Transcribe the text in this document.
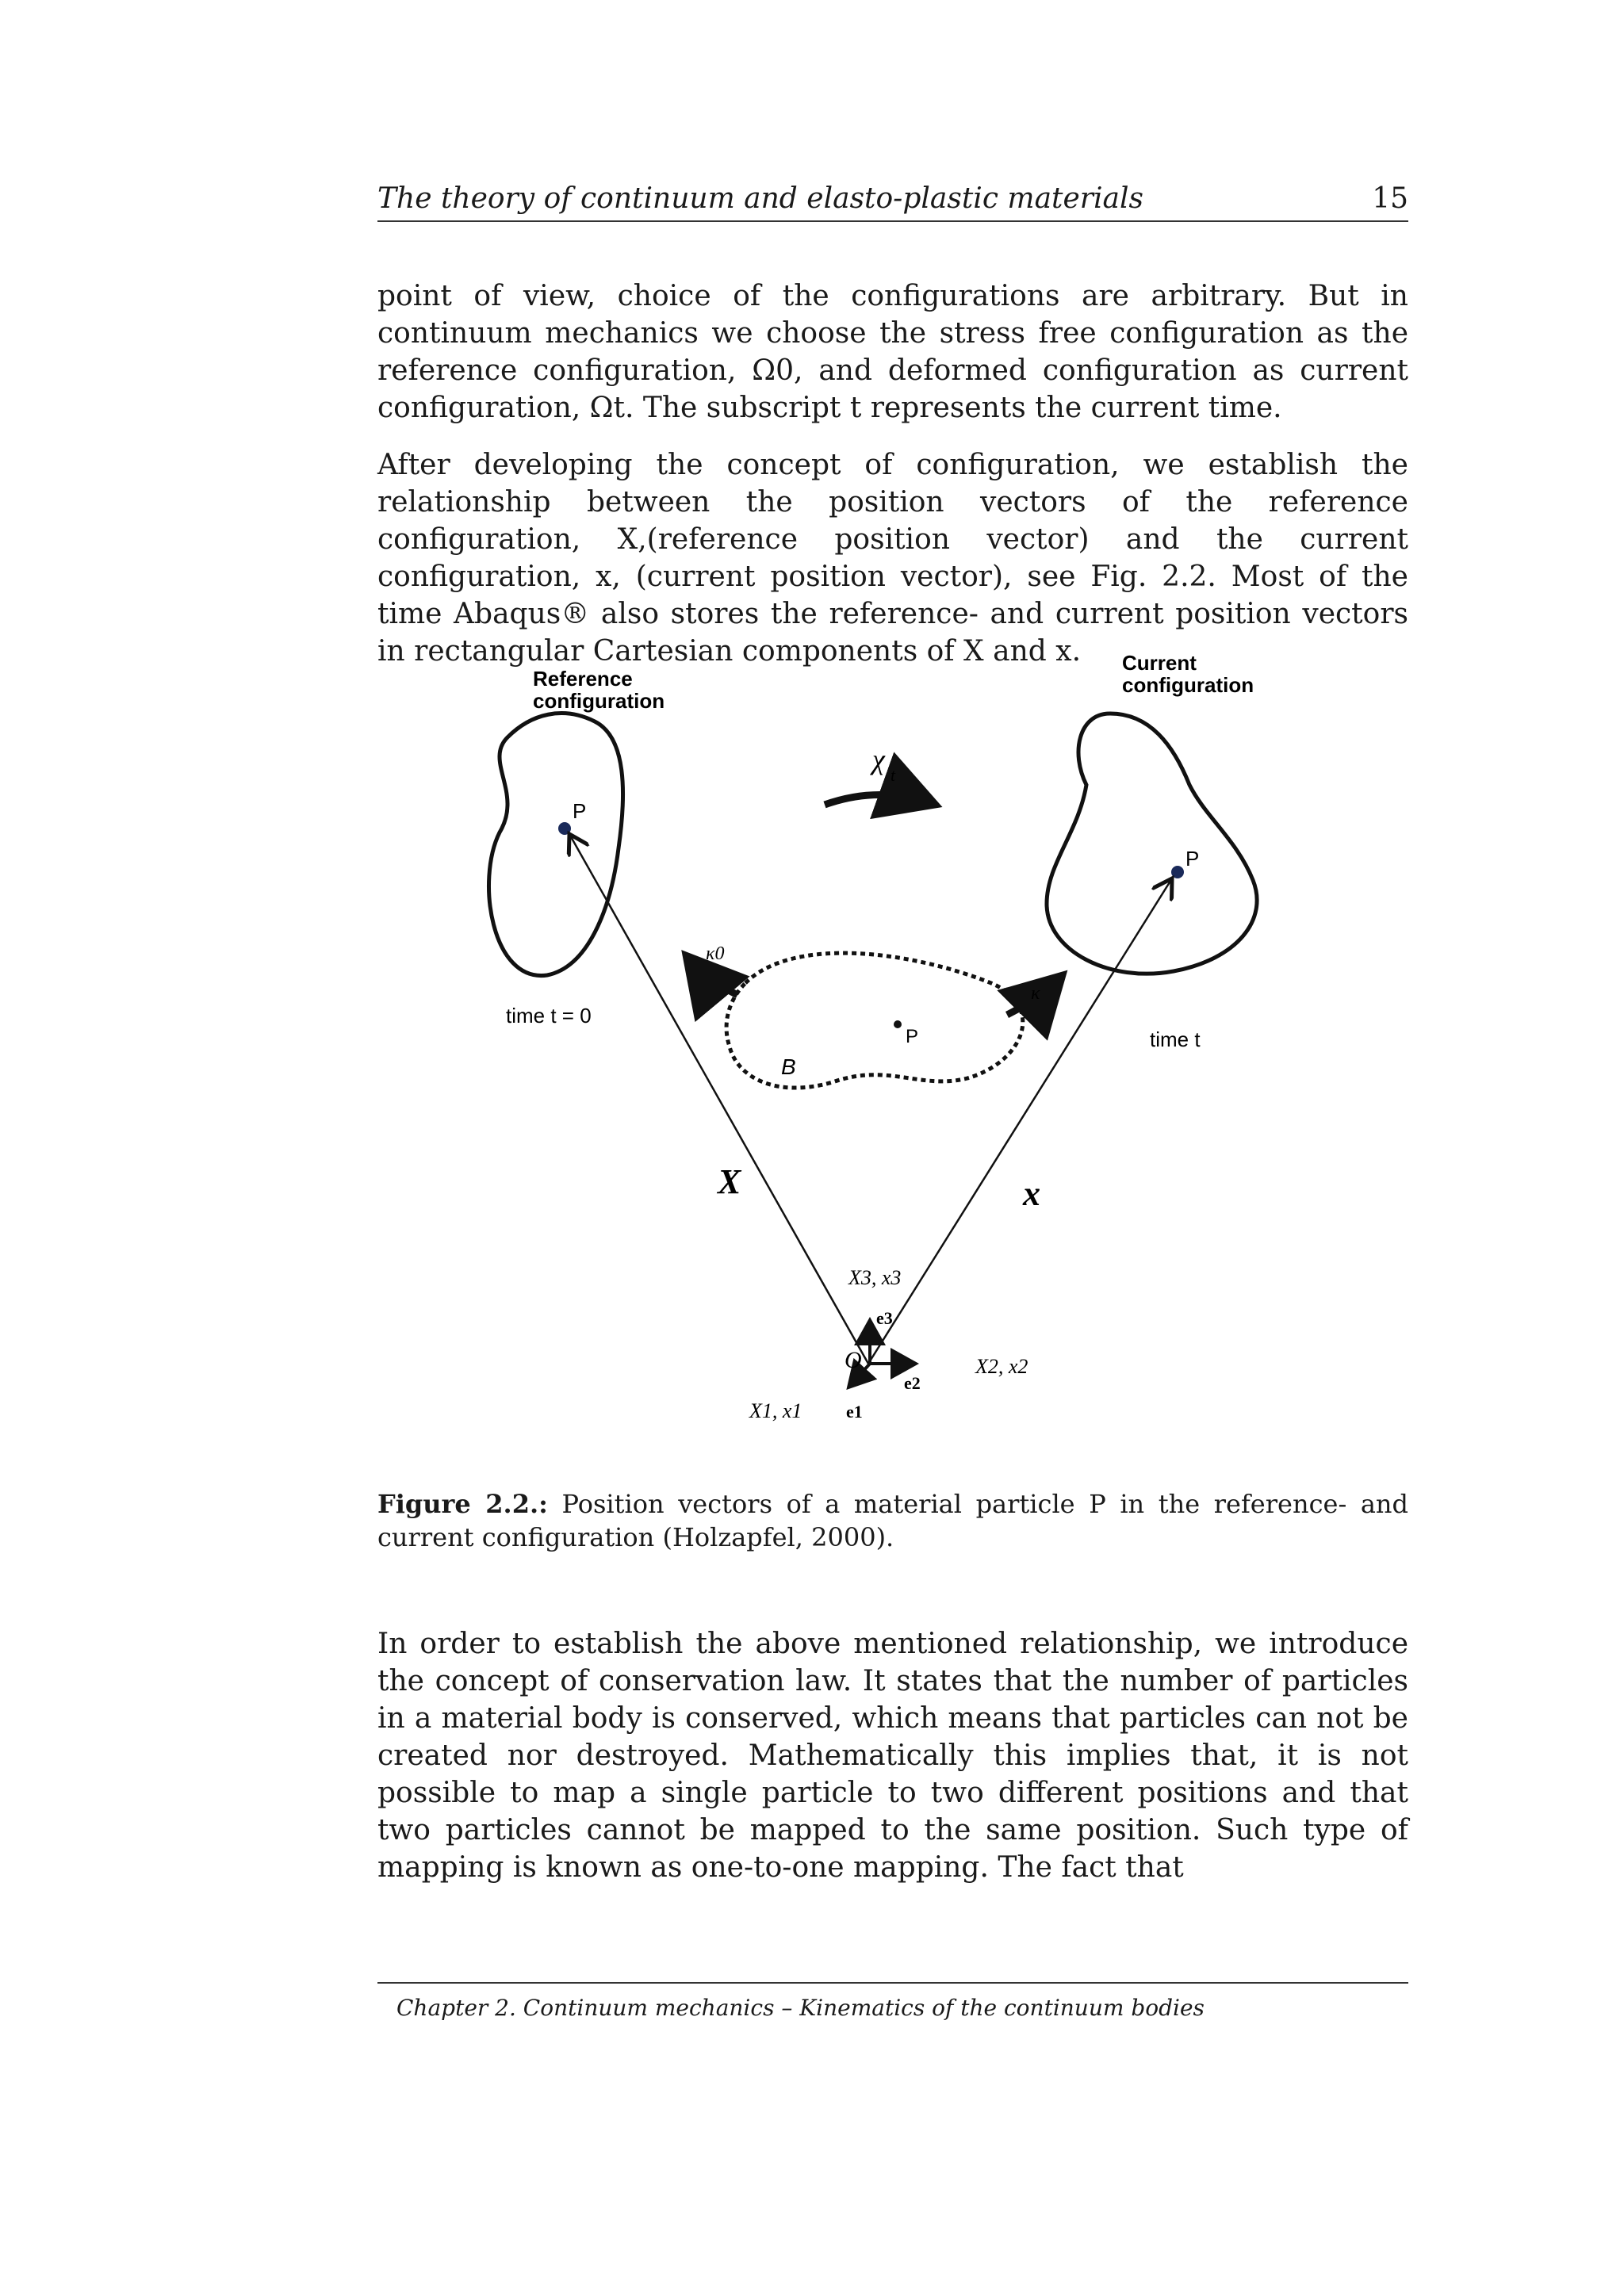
The theory of continuum and elasto-plastic materials	15
point of view, choice of the configurations are arbitrary. But in continuum mechanics we choose the stress free configuration as the reference configuration, Ω0, and deformed configuration as current configuration, Ωt. The subscript t represents the current time.
After developing the concept of configuration, we establish the relationship between the position vectors of the reference configuration, X,(reference position vector) and the current configuration, x, (current position vector), see Fig. 2.2. Most of the time Abaqus® also stores the reference- and current position vectors in rectangular Cartesian components of X and x.
Reference
configuration
P
time t = 0
Current
configuration
P
time t
P
B
χ t
κ0
κ
X	x
O
e3
e2
e1
X3, x3
X2, x2
X1, x1
Figure 2.2.: Position vectors of a material particle P in the reference- and current configuration (Holzapfel, 2000).
In order to establish the above mentioned relationship, we introduce the concept of conservation law. It states that the number of particles in a material body is conserved, which means that particles can not be created nor destroyed. Mathematically this implies that, it is not possible to map a single particle to two different positions and that two particles cannot be mapped to the same position. Such type of mapping is known as one-to-one mapping. The fact that
Chapter 2. Continuum mechanics – Kinematics of the continuum bodies
